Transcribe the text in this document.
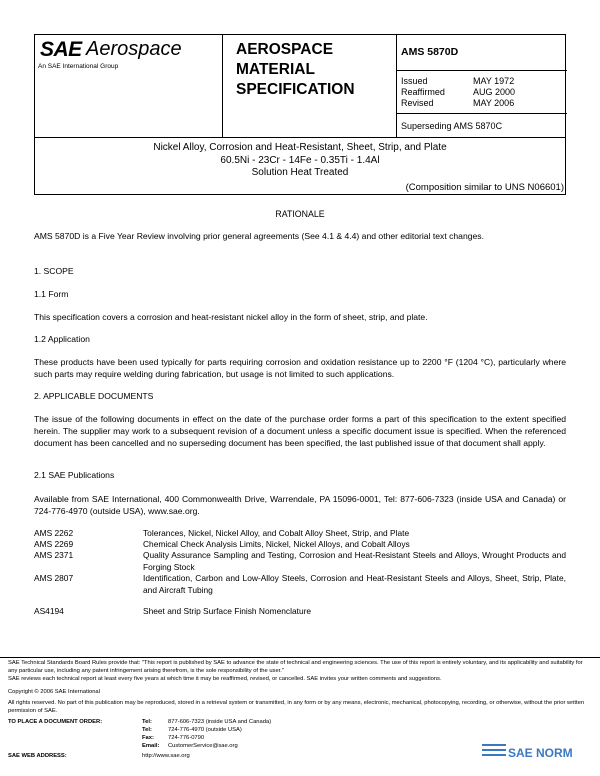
SAE Aerospace
An SAE International Group
AEROSPACE
MATERIAL
SPECIFICATION
AMS 5870D
Issued	MAY 1972
Reaffirmed	AUG 2000
Revised	MAY 2006
Superseding AMS 5870C
Nickel Alloy, Corrosion and Heat-Resistant, Sheet, Strip, and Plate
60.5Ni - 23Cr - 14Fe - 0.35Ti - 1.4Al
Solution Heat Treated
(Composition similar to UNS N06601)
RATIONALE
AMS 5870D is a Five Year Review involving prior general agreements (See 4.1 & 4.4) and other editorial text changes.
1. SCOPE
1.1 Form
This specification covers a corrosion and heat-resistant nickel alloy in the form of sheet, strip, and plate.
1.2 Application
These products have been used typically for parts requiring corrosion and oxidation resistance up to 2200 °F (1204 °C), particularly where such parts may require welding during fabrication, but usage is not limited to such applications.
2. APPLICABLE DOCUMENTS
The issue of the following documents in effect on the date of the purchase order forms a part of this specification to the extent specified herein. The supplier may work to a subsequent revision of a document unless a specific document issue is specified. When the referenced document has been cancelled and no superseding document has been specified, the last published issue of that document shall apply.
2.1 SAE Publications
Available from SAE International, 400 Commonwealth Drive, Warrendale, PA 15096-0001, Tel: 877-606-7323 (inside USA and Canada) or 724-776-4970 (outside USA), www.sae.org.
AMS 2262	Tolerances, Nickel, Nickel Alloy, and Cobalt Alloy Sheet, Strip, and Plate
AMS 2269	Chemical Check Analysis Limits, Nickel, Nickel Alloys, and Cobalt Alloys
AMS 2371	Quality Assurance Sampling and Testing, Corrosion and Heat-Resistant Steels and Alloys, Wrought Products and Forging Stock
AMS 2807	Identification, Carbon and Low-Alloy Steels, Corrosion and Heat-Resistant Steels and Alloys, Sheet, Strip, Plate, and Aircraft Tubing
AS4194	Sheet and Strip Surface Finish Nomenclature
SAE Technical Standards Board Rules provide that: "This report is published by SAE to advance the state of technical and engineering sciences. The use of this report is entirely voluntary, and its applicability and suitability for any particular use, including any patent infringement arising therefrom, is the sole responsibility of the user."
SAE reviews each technical report at least every five years at which time it may be reaffirmed, revised, or cancelled. SAE invites your written comments and suggestions.
Copyright © 2006 SAE International
All rights reserved. No part of this publication may be reproduced, stored in a retrieval system or transmitted, in any form or by any means, electronic, mechanical, photocopying, recording, or otherwise, without the prior written permission of SAE.
TO PLACE A DOCUMENT ORDER:	Tel:	877-606-7323 (inside USA and Canada)
Tel:	724-776-4970 (outside USA)
Fax: 724-776-0790
Email: CustomerService@sae.org
SAE WEB ADDRESS:	http://www.sae.org	SAE NORM
